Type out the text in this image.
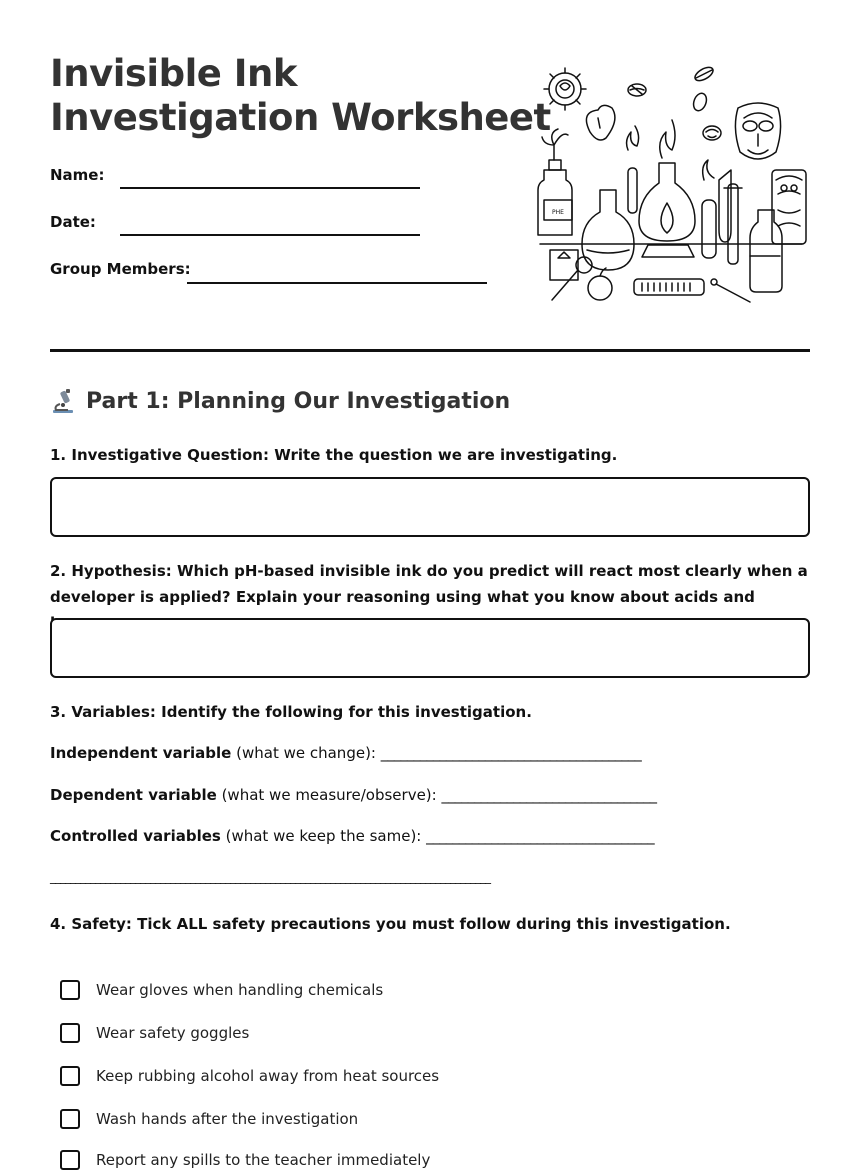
Invisible Ink
Investigation Worksheet
Name:
Date:
Group Members:
PHE
Part 1: Planning Our Investigation
1. Investigative Question: Write the question we are investigating.
2. Hypothesis: Which pH-based invisible ink do you predict will react most clearly when a developer is applied? Explain your reasoning using what you know about acids and
3. Variables: Identify the following for this investigation.
Independent variable (what we change): ________________________________________
Dependent variable (what we measure/observe): _________________________________
Controlled variables (what we keep the same): ___________________________________
________________________________________________________________________________________
4. Safety: Tick ALL safety precautions you must follow during this investigation.
Wear gloves when handling chemicals
Wear safety goggles
Keep rubbing alcohol away from heat sources
Wash hands after the investigation
Report any spills to the teacher immediately
